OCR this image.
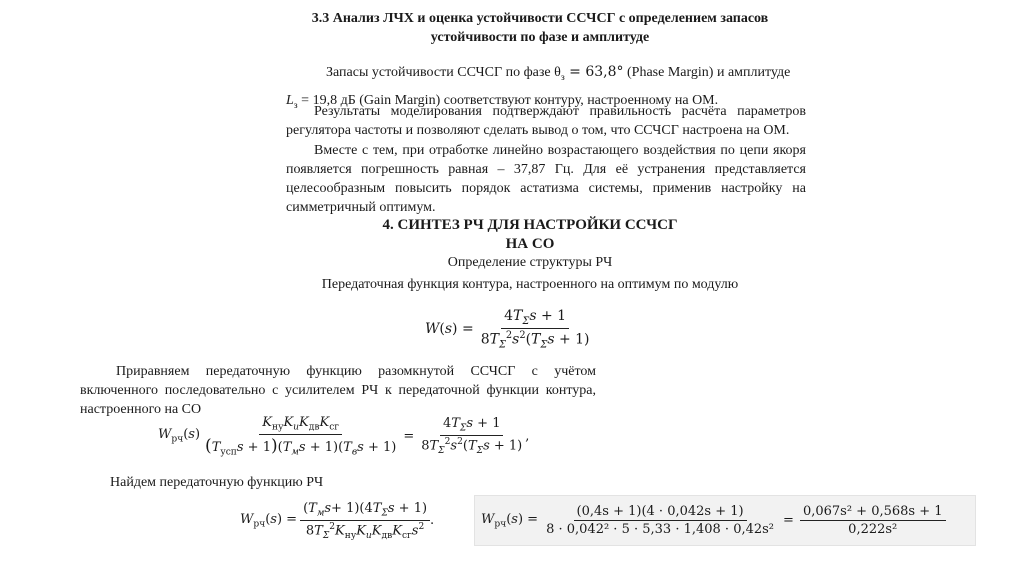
3.3 Анализ ЛЧХ и оценка устойчивости ССЧСГ с определением запасов
устойчивости по фазе и амплитуде
Запасы устойчивости ССЧСГ по фазе $\theta_з = 63,8^\circ$ (Phase Margin) и амплитуде
$L_з = 19,8$ дБ (Gain Margin) соответствуют контуру, настроенному на ОМ.
Результаты моделирования подтверждают правильность расчёта параметров регулятора частоты и позволяют сделать вывод о том, что ССЧСГ настроена на ОМ.
Вместе с тем, при отработке линейно возрастающего воздействия по цепи якоря появляется погрешность равная – 37,87 Гц. Для её устранения представляется целесообразным повысить порядок астатизма системы, применив настройку на симметричный оптимум.
4. СИНТЕЗ РЧ ДЛЯ НАСТРОЙКИ ССЧСГ
НА СО
Определение структуры РЧ
Передаточная функция контура, настроенного на оптимум по модулю
$W(s) = \frac{4T_\Sigma s + 1}{8T_\Sigma^2s^2(T_\Sigma s + 1)}$
Приравняем передаточную функцию разомкнутой ССЧСГ с учётом включенного последовательно с усилителем РЧ к передаточной функции контура, настроенного на СО
$W_{рч}(s) \frac{K_{ну}K_uK_{дв}K_{сг}}{(T_{усп}s + 1)(T_мs + 1)(T_вs + 1)} = \frac{4T_\Sigma s + 1}{8T_\Sigma^2s^2(T_\Sigma s + 1)}$ ,
Найдем передаточную функцию РЧ
$W_{рч}(s) = \frac{(T_мs+ 1)(4T_\Sigma s + 1)}{8T_\Sigma^2K_{ну}K_uK_{дв}K_{сг}s^2}$ .	$W_{рч}(s) = \frac{(0,4s + 1)(4 \cdot 0,042s + 1)}{\text{8 · 0,042² · 5 · 5,33 · 1,408 · 0,42s²}} = \frac{\text{0,067s² + 0,568s + 1}}{\text{0,222s²}}$
